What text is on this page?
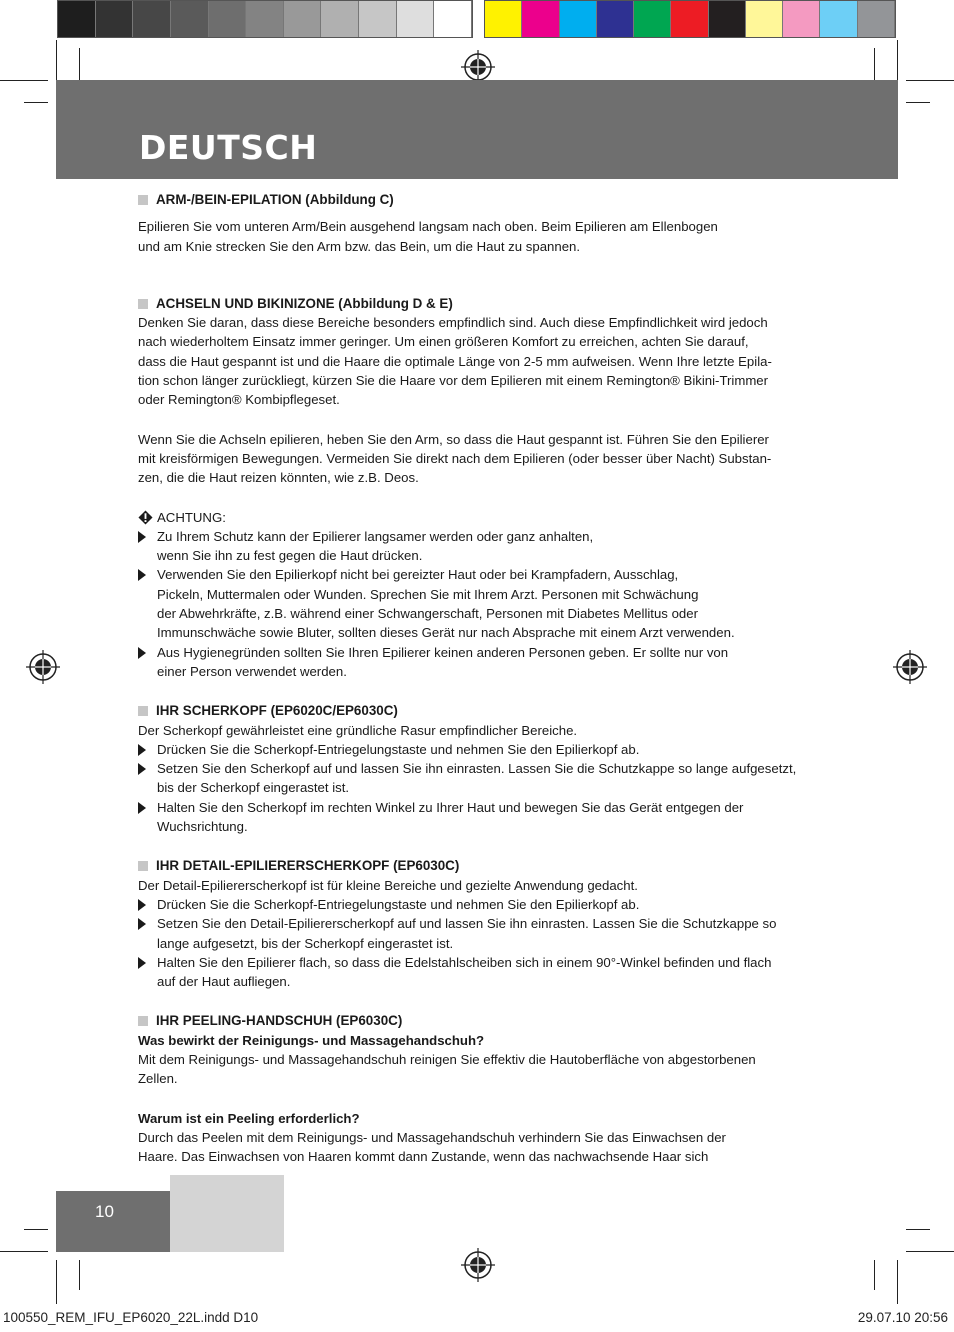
DEUTSCH
ARM-/BEIN-EPILATION (Abbildung C)

Epilieren Sie vom unteren Arm/Bein ausgehend langsam nach oben. Beim Epilieren am Ellenbogen
und am Knie strecken Sie den Arm bzw. das Bein, um die Haut zu spannen.

ACHSELN UND BIKINIZONE (Abbildung D & E)

Denken Sie daran, dass diese Bereiche besonders empfindlich sind. Auch diese Empfindlichkeit wird jedoch
nach wiederholtem Einsatz immer geringer. Um einen größeren Komfort zu erreichen, achten Sie darauf,
dass die Haut gespannt ist und die Haare die optimale Länge von 2-5 mm aufweisen. Wenn Ihre letzte Epila-
tion schon länger zurückliegt, kürzen Sie die Haare vor dem Epilieren mit einem Remington® Bikini-Trimmer
oder Remington® Kombipflegeset.

Wenn Sie die Achseln epilieren, heben Sie den Arm, so dass die Haut gespannt ist. Führen Sie den Epilierer
mit kreisförmigen Bewegungen. Vermeiden Sie direkt nach dem Epilieren (oder besser über Nacht) Substan-
zen, die die Haut reizen könnten, wie z.B. Deos.

ACHTUNG:
Zu Ihrem Schutz kann der Epilierer langsamer werden oder ganz anhalten,
wenn Sie ihn zu fest gegen die Haut drücken.
Verwenden Sie den Epilierkopf nicht bei gereizter Haut oder bei Krampfadern, Ausschlag,
Pickeln, Muttermalen oder Wunden. Sprechen Sie mit Ihrem Arzt. Personen mit Schwächung
der Abwehrkräfte, z.B. während einer Schwangerschaft, Personen mit Diabetes Mellitus oder
Immunschwäche sowie Bluter, sollten dieses Gerät nur nach Absprache mit einem Arzt verwenden.
Aus Hygienegründen sollten Sie Ihren Epilierer keinen anderen Personen geben. Er sollte nur von
einer Person verwendet werden.
IHR SCHERKOPF (EP6020C/EP6030C)

Der Scherkopf gewährleistet eine gründliche Rasur empfindlicher Bereiche.

Drücken Sie die Scherkopf-Entriegelungstaste und nehmen Sie den Epilierkopf ab.
Setzen Sie den Scherkopf auf und lassen Sie ihn einrasten. Lassen Sie die Schutzkappe so lange aufgesetzt,
bis der Scherkopf eingerastet ist.
Halten Sie den Scherkopf im rechten Winkel zu Ihrer Haut und bewegen Sie das Gerät entgegen der
Wuchsrichtung.
IHR DETAIL-EPILIERERSCHERKOPF (EP6030C)

Der Detail-Epiliererscherkopf ist für kleine Bereiche und gezielte Anwendung gedacht.

Drücken Sie die Scherkopf-Entriegelungstaste und nehmen Sie den Epilierkopf ab.
Setzen Sie den Detail-Epiliererscherkopf auf und lassen Sie ihn einrasten. Lassen Sie die Schutzkappe so
lange aufgesetzt, bis der Scherkopf eingerastet ist.
Halten Sie den Epilierer flach, so dass die Edelstahlscheiben sich in einem 90°-Winkel befinden und flach
auf der Haut aufliegen.
IHR PEELING-HANDSCHUH (EP6030C)

Was bewirkt der Reinigungs- und Massagehandschuh?

Mit dem Reinigungs- und Massagehandschuh reinigen Sie effektiv die Hautoberfläche von abgestorbenen
Zellen.

Warum ist ein Peeling erforderlich?

Durch das Peelen mit dem Reinigungs- und Massagehandschuh verhindern Sie das Einwachsen der
Haare. Das Einwachsen von Haaren kommt dann Zustande, wenn das nachwachsende Haar sich

10
100550_REM_IFU_EP6020_22L.indd D10	29.07.10 20:56
